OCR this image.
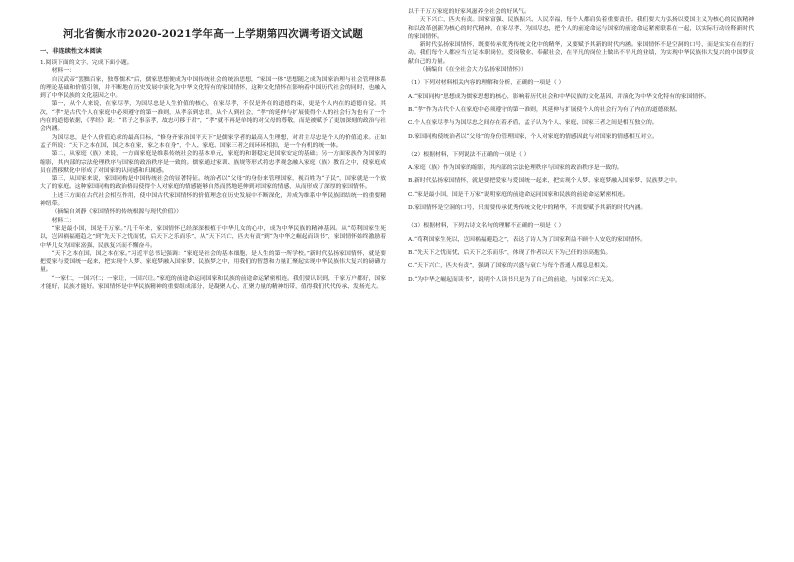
河北省衡水市2020-2021学年高一上学期第四次调考语文试题
一、非连续性文本阅读

1.阅读下面的文字，完成下面小题。

材料一：

自汉武帝“罢黜百家，独尊儒术”后，儒家思想便成为中国传统社会的统治思想，“家国一体”思想随之成为国家治理与社会管理体系的理论基础和价值引领，并不断地在历史发展中演化为中华文化特有的家国情怀，这种文化情怀在影响着中国历代社会的同时，也融入到了中华民族的文化基因之中。

第一，从个人来说，在家尽孝，为国尽忠是人生价值的核心，在家尽孝，不仅是外在的道德约束，更是个人内在的道德自觉。其次，“孝”是古代个人在家庭中必须遵守的第一准则，从孝亲到忠君，从个人到社会，“孝”的延伸与扩展使得个人的社会行为也有了一个内在的道德依据，《孝经》说：“君子之事亲孝，故忠可移于君”，“孝”就不再是单纯的对父母的尊敬，而是被赋予了更加深刻的政治与社会内涵。

为国尽忠，是个人价值追求的最高目标，“修身齐家治国平天下”是儒家学者的最高人生理想，对君主尽忠是个人的价值追求。正如孟子所说：“天下之本在国，国之本在家，家之本在身”，个人、家庭、国家三者之间环环相扣，是一个有机的统一体。

第二，从家庭（族）来说，一方面家庭是维系传统社会的基本单元，家庭的和谐稳定是国家安定的基础；另一方面家族作为国家的缩影，其内部的宗法伦理秩序与国家的政治秩序是一致的。儒家通过家训、族规等形式将忠孝观念融入家庭（族）教育之中，使家庭成员在潜移默化中形成了对国家的认同感和归属感。

第三，从国家来说，家国同构是中国传统社会的显著特征。统治者以“父母”的身份来管理国家，视百姓为“子民”，国家就是一个放大了的家庭。这种家国同构的政治格局使得个人对家庭的情感能够自然而然地延伸到对国家的情感，从而形成了深厚的家国情怀。

上述三方面在古代社会相互作用，使中国古代家国情怀的价值理念在历史发展中不断深化，并成为维系中华民族团结统一的重要精神纽带。

（摘编自刘静《家国情怀的传统根源与现代价值》）

材料二：

“家是最小国，国是千万家。”几千年来，家国情怀已经深深根植于中华儿女的心中，成为中华民族的精神基因。从“苟利国家生死以，岂因祸福避趋之”到“先天下之忧而忧，后天下之乐而乐”，从“天下兴亡，匹夫有责”到“为中华之崛起而读书”，家国情怀始终激励着中华儿女为国家富强、民族复兴而不懈奋斗。

“天下之本在国，国之本在家。”习近平总书记强调：“家庭是社会的基本细胞，是人生的第一所学校。”新时代弘扬家国情怀，就是要把爱家与爱国统一起来，把实现个人梦、家庭梦融入国家梦、民族梦之中，用我们的智慧和力量汇聚起实现中华民族伟大复兴的磅礴力量。

“一家仁，一国兴仁；一家让，一国兴让。”家庭的前途命运同国家和民族的前途命运紧密相连。我们要认识到，千家万户都好，国家才能好，民族才能好。家国情怀是中华民族精神的重要组成部分，是凝聚人心、汇聚力量的精神纽带，值得我们代代传承、发扬光大。

以千千万万家庭的好家风滋养全社会的好风气。

天下兴亡，匹夫有责。国家富强、民族振兴、人民幸福，每个人都肩负着重要责任。我们要大力弘扬以爱国主义为核心的民族精神和以改革创新为核心的时代精神，在家尽孝、为国尽忠，把个人的前途命运与国家的前途命运紧密联系在一起，以实际行动诠释新时代的家国情怀。

新时代弘扬家国情怀，既要传承优秀传统文化中的精华，又要赋予其新的时代内涵。家国情怀不是空洞的口号，而是实实在在的行动。我们每个人都应当立足本职岗位，爱岗敬业、奉献社会，在平凡的岗位上做出不平凡的业绩，为实现中华民族伟大复兴的中国梦贡献自己的力量。

（摘编自《在全社会大力弘扬家国情怀》）

（1）下列对材料相关内容的理解和分析，正确的一项是（ ）

A.“家国同构”思想成为儒家思想的核心，影响着历代社会和中华民族的文化基因，并演化为中华文化特有的家国情怀。

B.“孝”作为古代个人在家庭中必须遵守的第一准则，其延伸与扩展使个人的社会行为有了内在的道德依据。

C.个人在家尽孝与为国尽忠之间存在着矛盾，孟子认为个人、家庭、国家三者之间是相互独立的。

D.家国同构使统治者以“父母”的身份管理国家，个人对家庭的情感因此与对国家的情感相互对立。

（2）根据材料，下列说法不正确的一项是（ ）

A.家庭（族）作为国家的缩影，其内部的宗法伦理秩序与国家的政治秩序是一致的。

B.新时代弘扬家国情怀，就是要把爱家与爱国统一起来，把实现个人梦、家庭梦融入国家梦、民族梦之中。

C.“家是最小国，国是千万家”说明家庭的前途命运同国家和民族的前途命运紧密相连。

D.家国情怀是空洞的口号，只需要传承优秀传统文化中的精华，不需要赋予其新的时代内涵。

（3）根据材料，下列古诗文名句的理解不正确的一项是（ ）

A.“苟利国家生死以，岂因祸福避趋之”，表达了诗人为了国家利益不顾个人安危的家国情怀。

B.“先天下之忧而忧，后天下之乐而乐”，体现了作者以天下为己任的崇高抱负。

C.“天下兴亡，匹夫有责”，强调了国家的兴盛与衰亡与每个普通人都息息相关。

D.“为中华之崛起而读书”，说明个人读书只是为了自己的前途，与国家兴亡无关。
